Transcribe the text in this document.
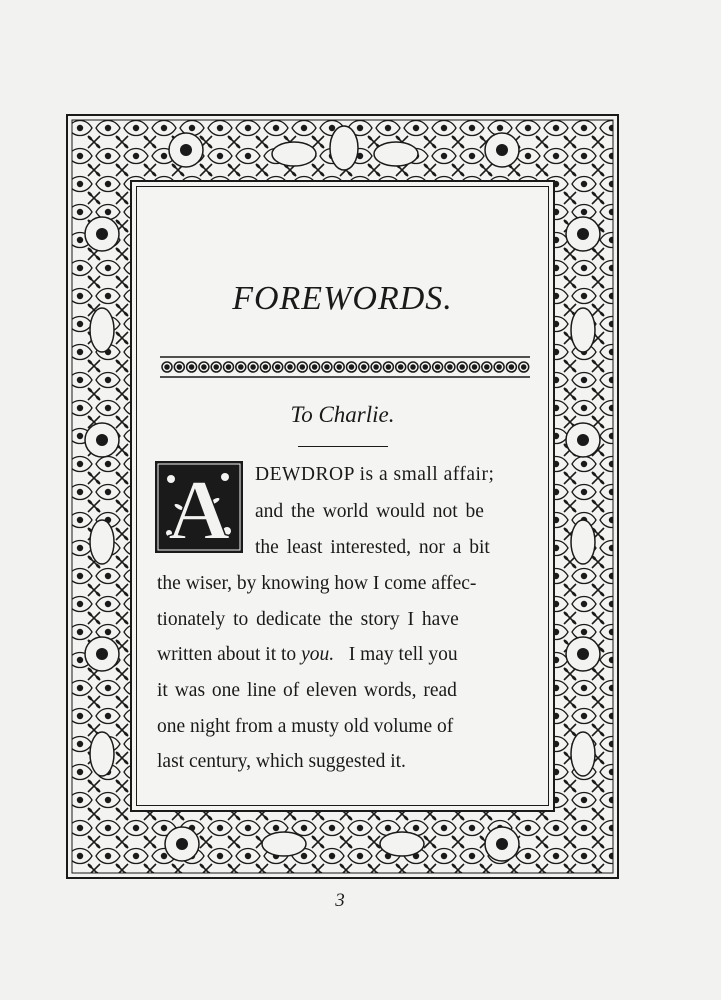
FOREWORDS.
To Charlie.
A DEWDROP is a small affair;
and the world would not be
the least interested, nor a bit
the wiser, by knowing how I come affec-
tionately to dedicate the story I have
written about it to you. I may tell you
it was one line of eleven words, read
one night from a musty old volume of
last century, which suggested it.
3
